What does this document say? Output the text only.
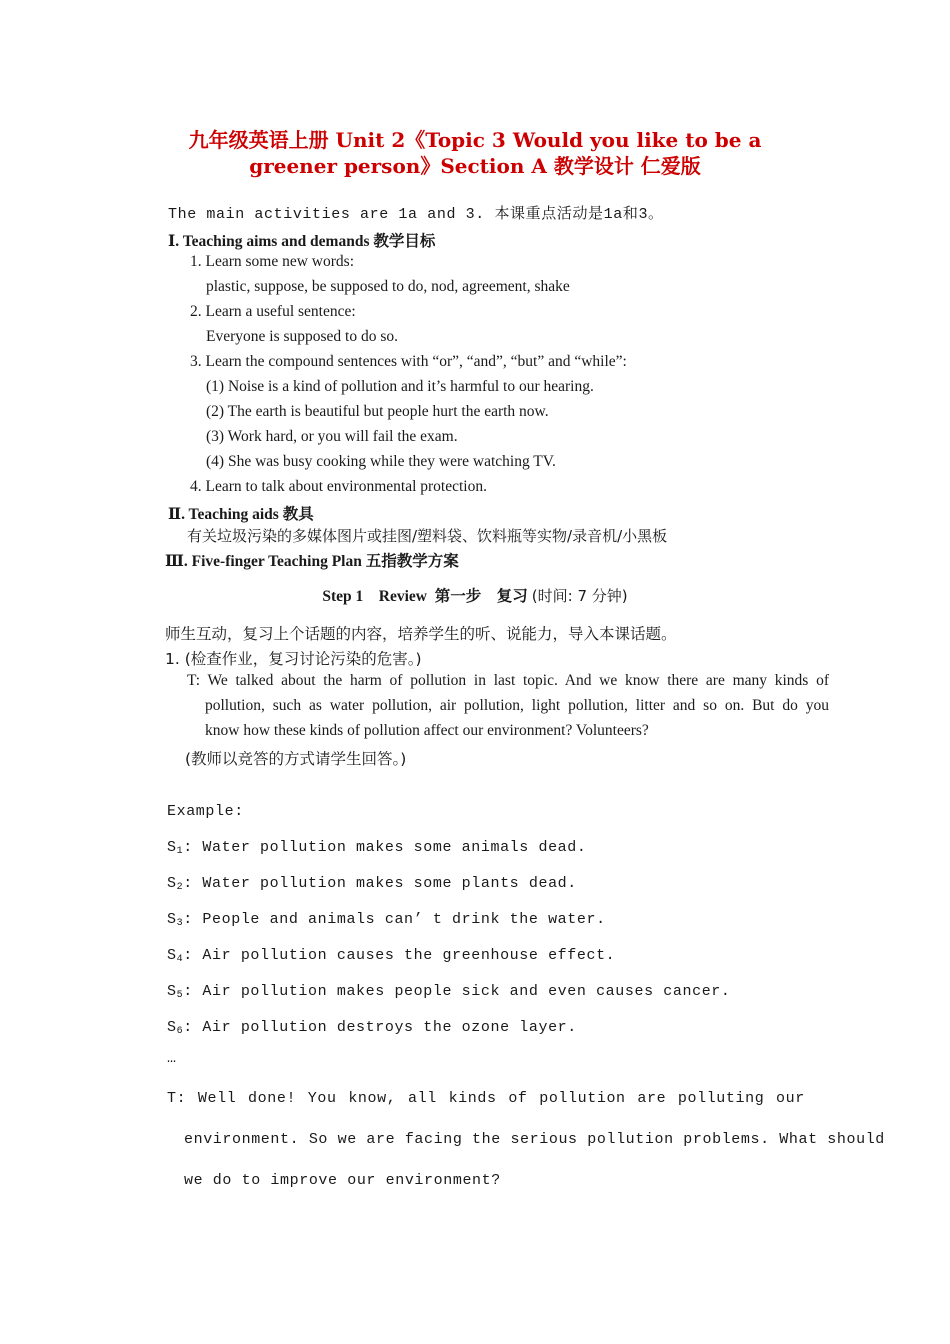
九年级英语上册 Unit 2《Topic 3 Would you like to be a
greener person》Section A 教学设计 仁爱版
The main activities are 1a and 3. 本课重点活动是1a和3。
Ⅰ. Teaching aims and demands 教学目标
1. Learn some new words:
plastic, suppose, be supposed to do, nod, agreement, shake
2. Learn a useful sentence:
Everyone is supposed to do so.
3. Learn the compound sentences with “or”, “and”, “but” and “while”:
(1) Noise is a kind of pollution and it’s harmful to our hearing.
(2) The earth is beautiful but people hurt the earth now.
(3) Work hard, or you will fail the exam.
(4) She was busy cooking while they were watching TV.
4. Learn to talk about environmental protection.
Ⅱ. Teaching aids 教具
有关垃圾污染的多媒体图片或挂图/塑料袋、饮料瓶等实物/录音机/小黑板
Ⅲ. Five-finger Teaching Plan 五指教学方案
Step 1    Review  第一步    复习 (时间: 7 分钟)
师生互动，复习上个话题的内容，培养学生的听、说能力，导入本课话题。
1. (检查作业，复习讨论污染的危害。)
T: We talked about the harm of pollution in last topic. And we know there are many kinds of
pollution, such as water pollution, air pollution, light pollution, litter and so on. But do you
know how these kinds of pollution affect our environment? Volunteers?
(教师以竞答的方式请学生回答。)
Example:
$S_1$: Water pollution makes some animals dead.
$S_2$: Water pollution makes some plants dead.
$S_3$: People and animals can’ t drink the water.
$S_4$: Air pollution causes the greenhouse effect.
$S_5$: Air pollution makes people sick and even causes cancer.
$S_6$: Air pollution destroys the ozone layer.
…
T: Well done! You know, all kinds of pollution are polluting our
environment. So we are facing the serious pollution problems. What should
we do to improve our environment?
